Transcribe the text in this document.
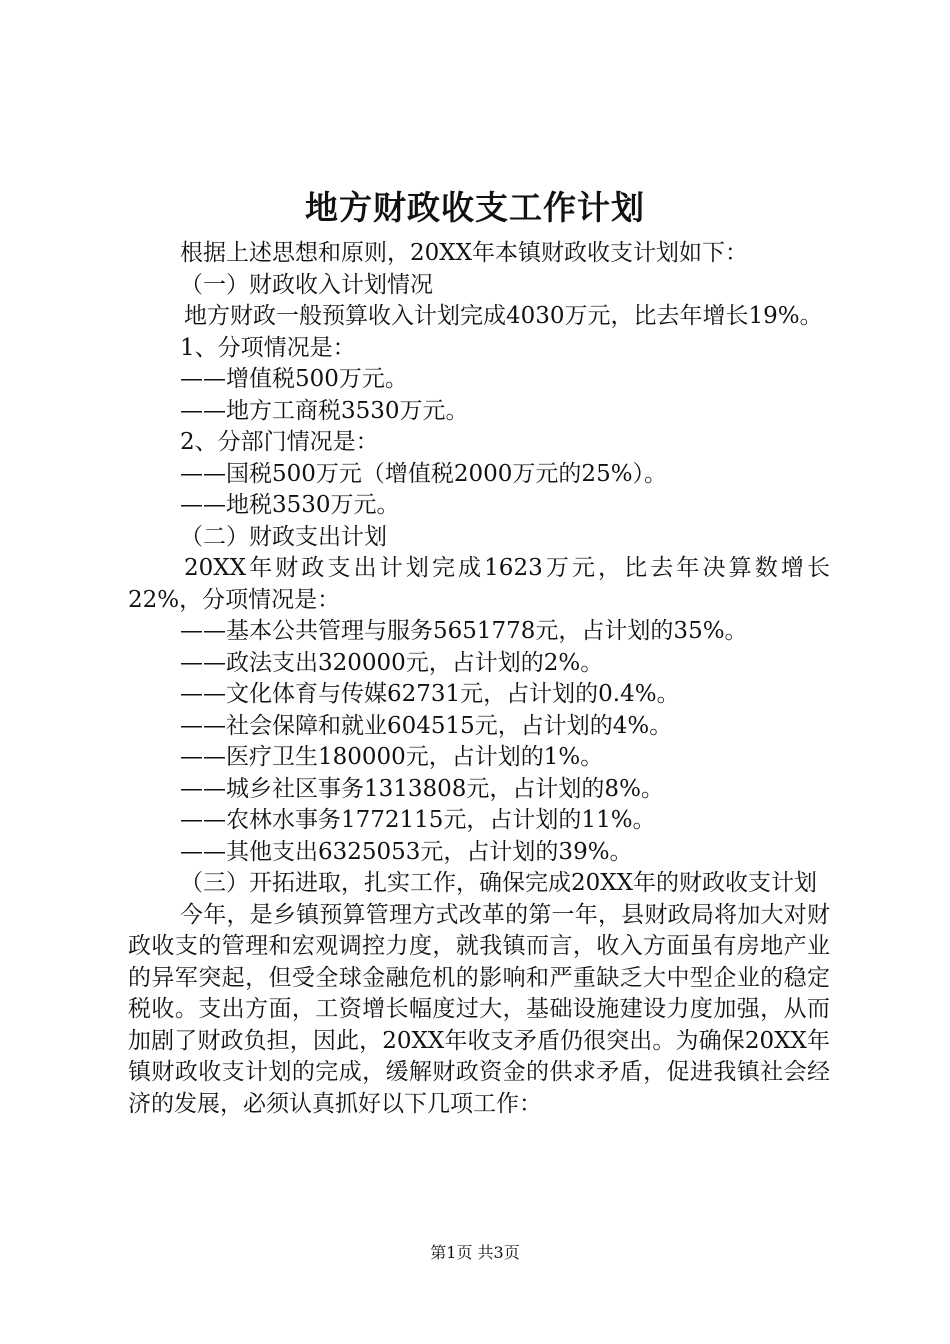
地方财政收支工作计划

根据上述思想和原则，20XX年本镇财政收支计划如下：

（一）财政收入计划情况

地方财政一般预算收入计划完成4030万元，比去年增长19%。

1、分项情况是：

——增值税500万元。

——地方工商税3530万元。

2、分部门情况是：

——国税500万元（增值税2000万元的25%）。

——地税3530万元。

（二）财政支出计划

20XX年财政支出计划完成1623万元，比去年决算数增长22%，分项情况是：

——基本公共管理与服务5651778元，占计划的35%。

——政法支出320000元，占计划的2%。

——文化体育与传媒62731元，占计划的0.4%。

——社会保障和就业604515元，占计划的4%。

——医疗卫生180000元，占计划的1%。

——城乡社区事务1313808元，占计划的8%。

——农林水事务1772115元，占计划的11%。

——其他支出6325053元，占计划的39%。

（三）开拓进取，扎实工作，确保完成20XX年的财政收支计划

今年，是乡镇预算管理方式改革的第一年，县财政局将加大对财政收支的管理和宏观调控力度，就我镇而言，收入方面虽有房地产业的异军突起，但受全球金融危机的影响和严重缺乏大中型企业的稳定税收。支出方面，工资增长幅度过大，基础设施建设力度加强，从而加剧了财政负担，因此，20XX年收支矛盾仍很突出。为确保20XX年镇财政收支计划的完成，缓解财政资金的供求矛盾，促进我镇社会经济的发展，必须认真抓好以下几项工作：

第1页 共3页
